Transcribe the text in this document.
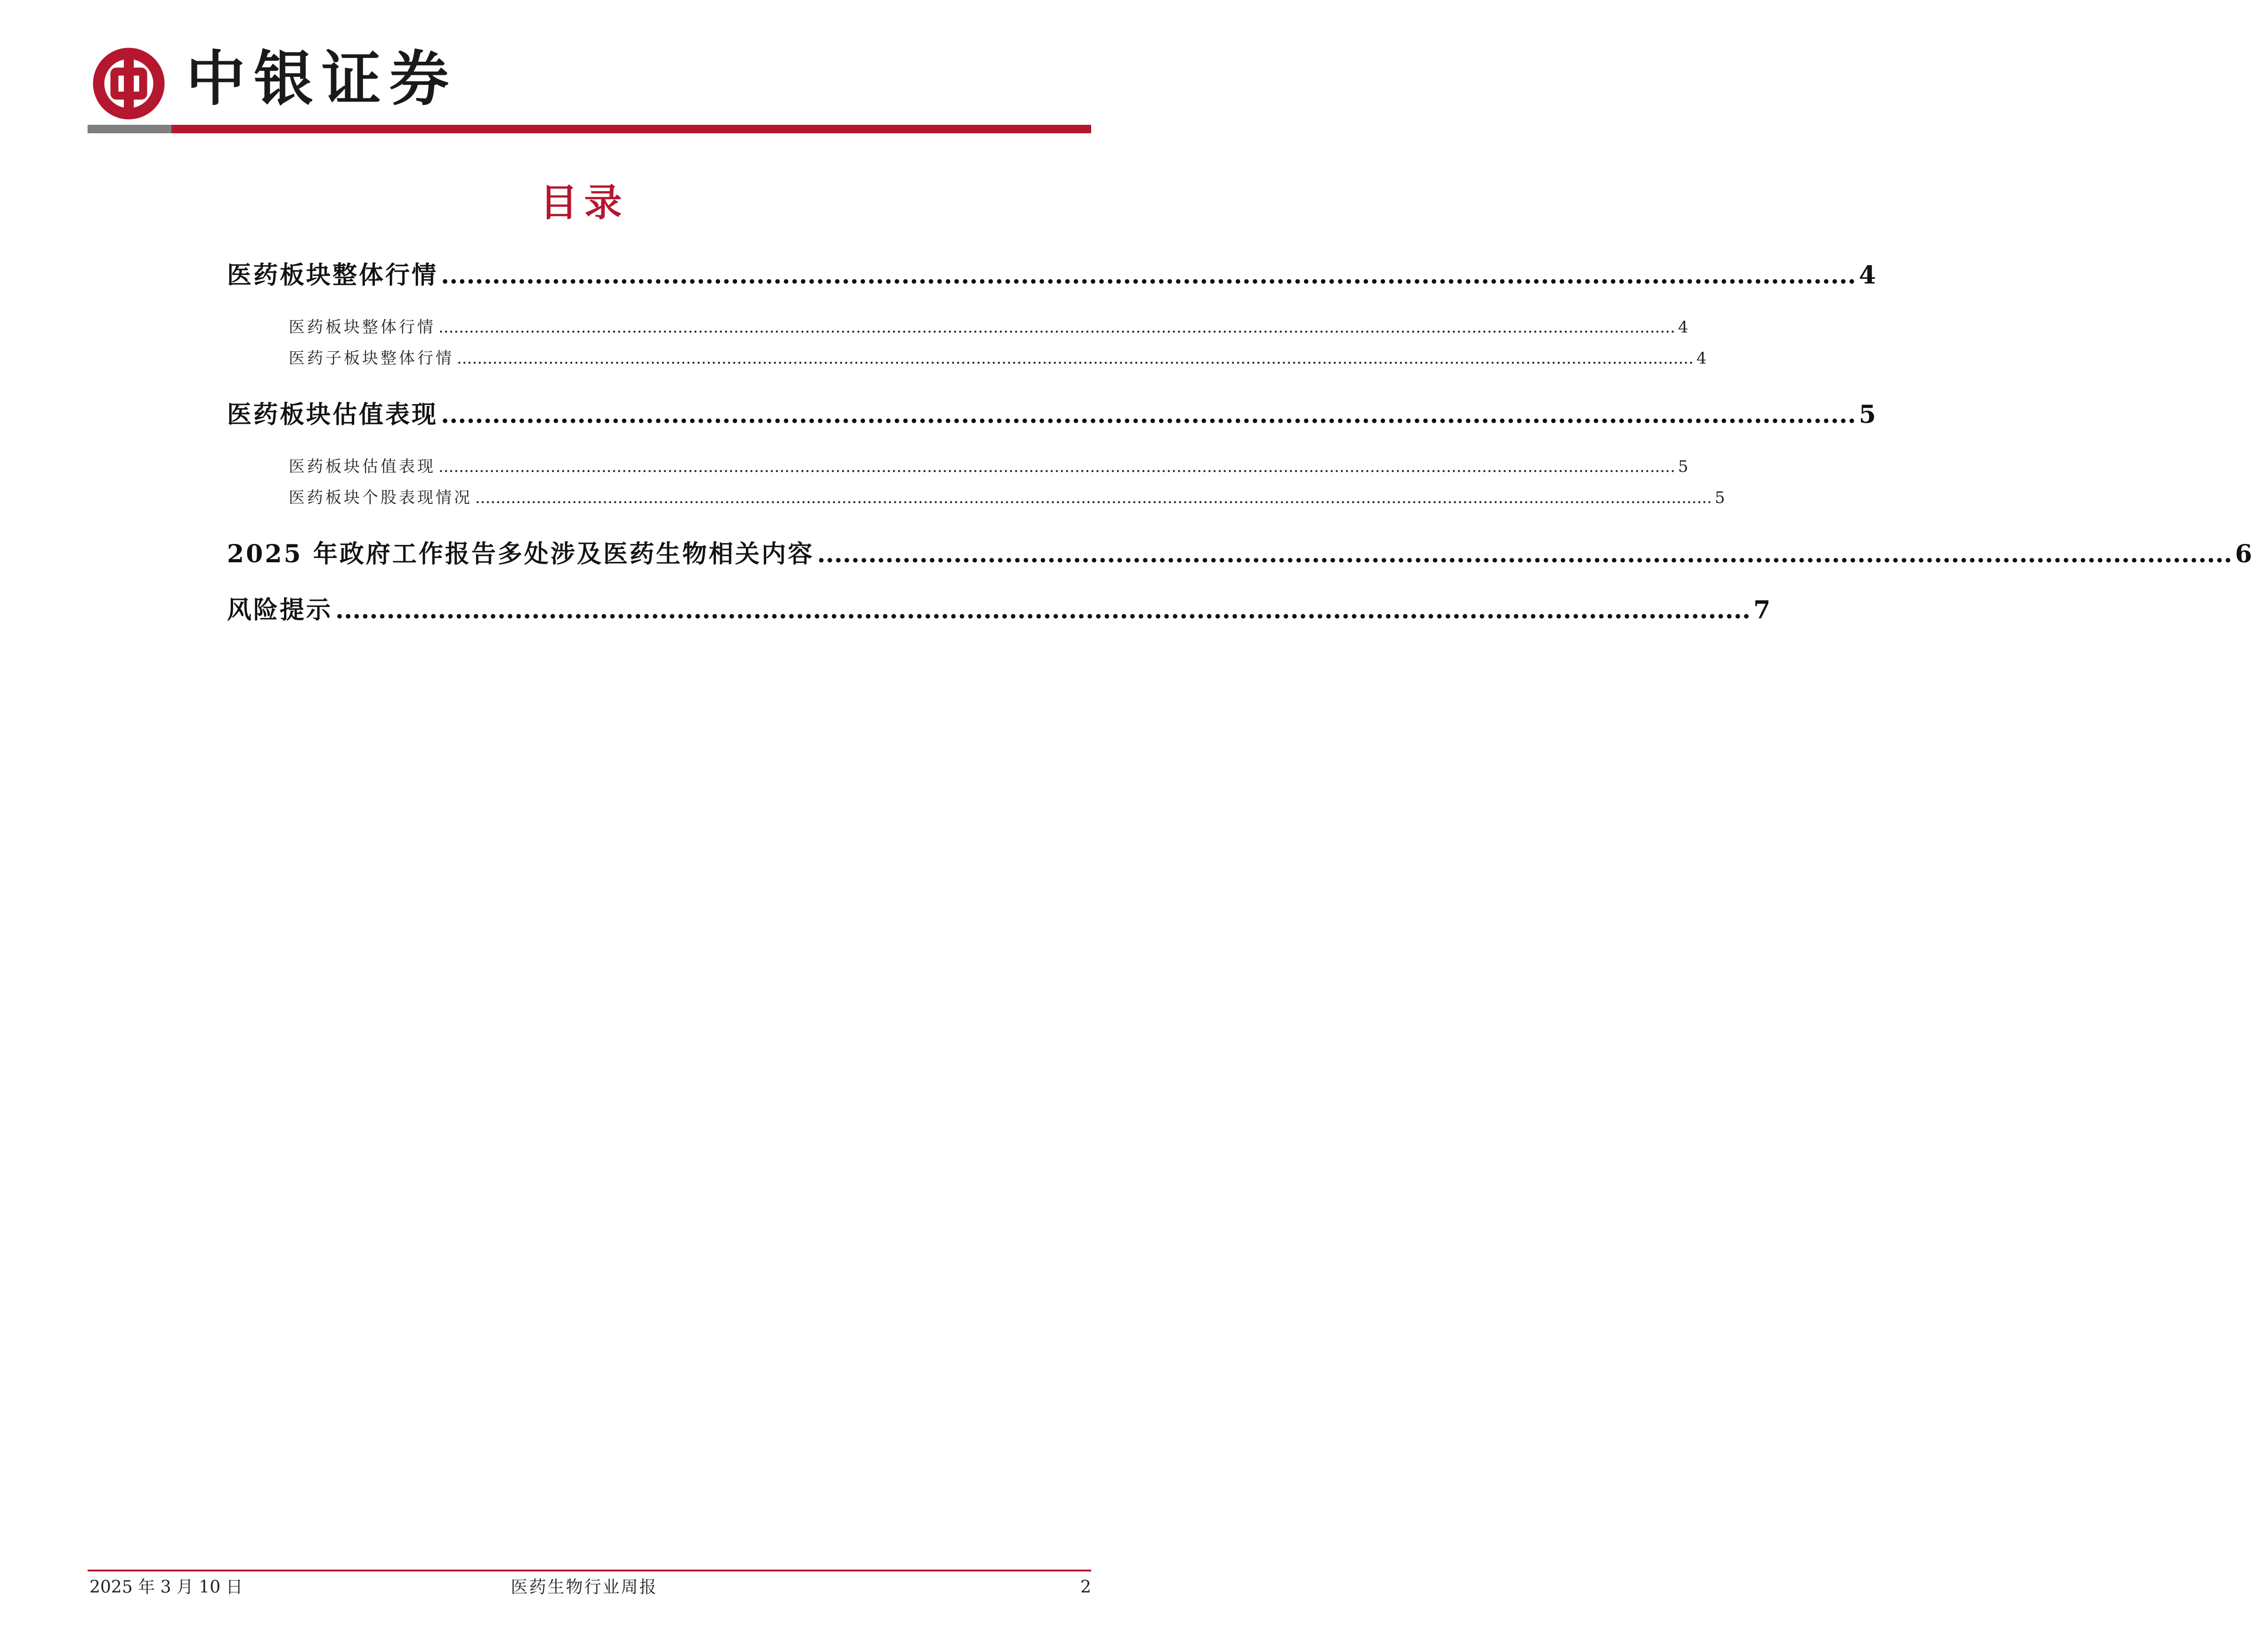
中银证券
目录
医药板块整体行情 ...................................................................................................................................................................... 4
医药板块整体行情 ................................................................................................................................................................................................................................................... 4
医药子板块整体行情 ................................................................................................................................................................................................................................................... 4
医药板块估值表现 ...................................................................................................................................................................... 5
医药板块估值表现 ................................................................................................................................................................................................................................................... 5
医药板块个股表现情况 ................................................................................................................................................................................................................................................... 5
2025 年政府工作报告多处涉及医药生物相关内容 ...................................................................................................................................................................... 6
风险提示 ...................................................................................................................................................................... 7
2025 年 3 月 10 日	医药生物行业周报	2
